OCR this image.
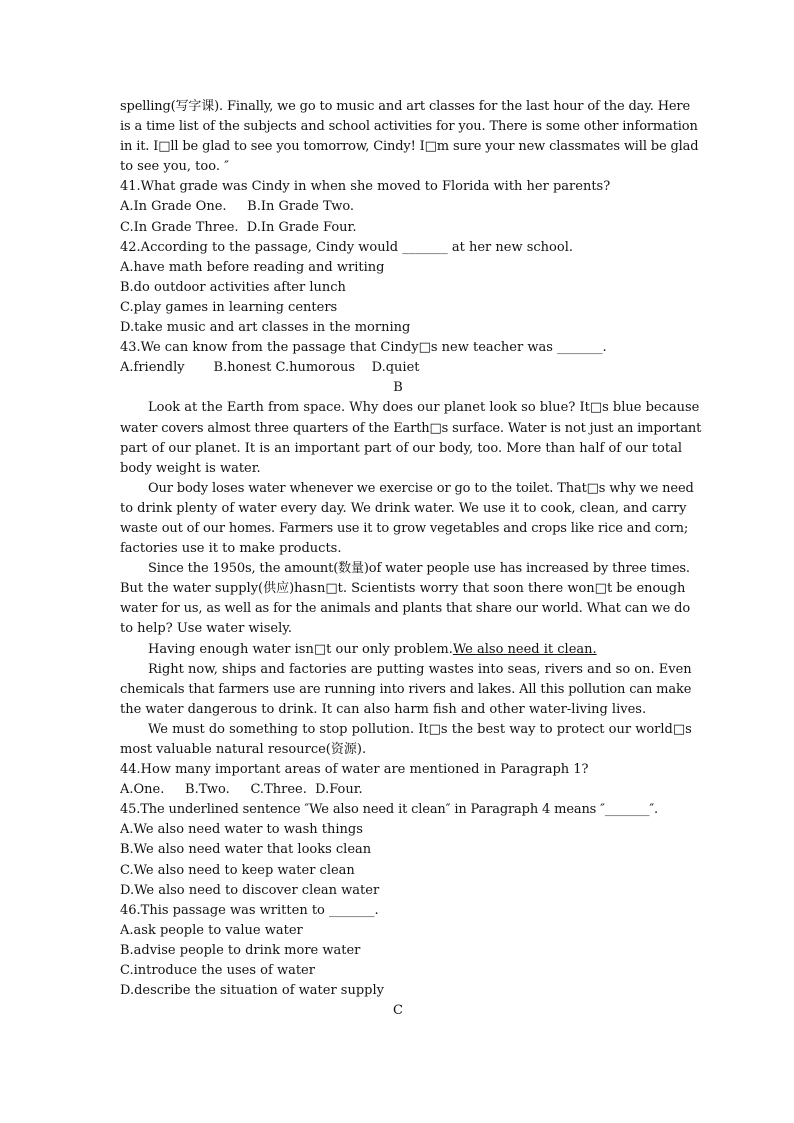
spelling(写字课). Finally, we go to music and art classes for the last hour of the day. Here
is a time list of the subjects and school activities for you. There is some other information
in it. I□ll be glad to see you tomorrow, Cindy! I□m sure your new classmates will be glad
to see you, too. ″
41.What grade was Cindy in when she moved to Florida with her parents?
A.In Grade One.     B.In Grade Two.
C.In Grade Three.  D.In Grade Four.
42.According to the passage, Cindy would _______ at her new school.
A.have math before reading and writing
B.do outdoor activities after lunch
C.play games in learning centers
D.take music and art classes in the morning
43.We can know from the passage that Cindy□s new teacher was _______.
A.friendly       B.honest C.humorous    D.quiet
B
Look at the Earth from space. Why does our planet look so blue? It□s blue because
water covers almost three quarters of the Earth□s surface. Water is not just an important
part of our planet. It is an important part of our body, too. More than half of our total
body weight is water.
Our body loses water whenever we exercise or go to the toilet. That□s why we need
to drink plenty of water every day. We drink water. We use it to cook, clean, and carry
waste out of our homes. Farmers use it to grow vegetables and crops like rice and corn;
factories use it to make products.
Since the 1950s, the amount(数量)of water people use has increased by three times.
But the water supply(供应)hasn□t. Scientists worry that soon there won□t be enough
water for us, as well as for the animals and plants that share our world. What can we do
to help? Use water wisely.
Having enough water isn□t our only problem.We also need it clean.
Right now, ships and factories are putting wastes into seas, rivers and so on. Even
chemicals that farmers use are running into rivers and lakes. All this pollution can make
the water dangerous to drink. It can also harm fish and other water-living lives.
We must do something to stop pollution. It□s the best way to protect our world□s
most valuable natural resource(资源).
44.How many important areas of water are mentioned in Paragraph 1?
A.One.     B.Two.     C.Three.  D.Four.
45.The underlined sentence ″We also need it clean″ in Paragraph 4 means ″_______″.
A.We also need water to wash things
B.We also need water that looks clean
C.We also need to keep water clean
D.We also need to discover clean water
46.This passage was written to _______.
A.ask people to value water
B.advise people to drink more water
C.introduce the uses of water
D.describe the situation of water supply
C
